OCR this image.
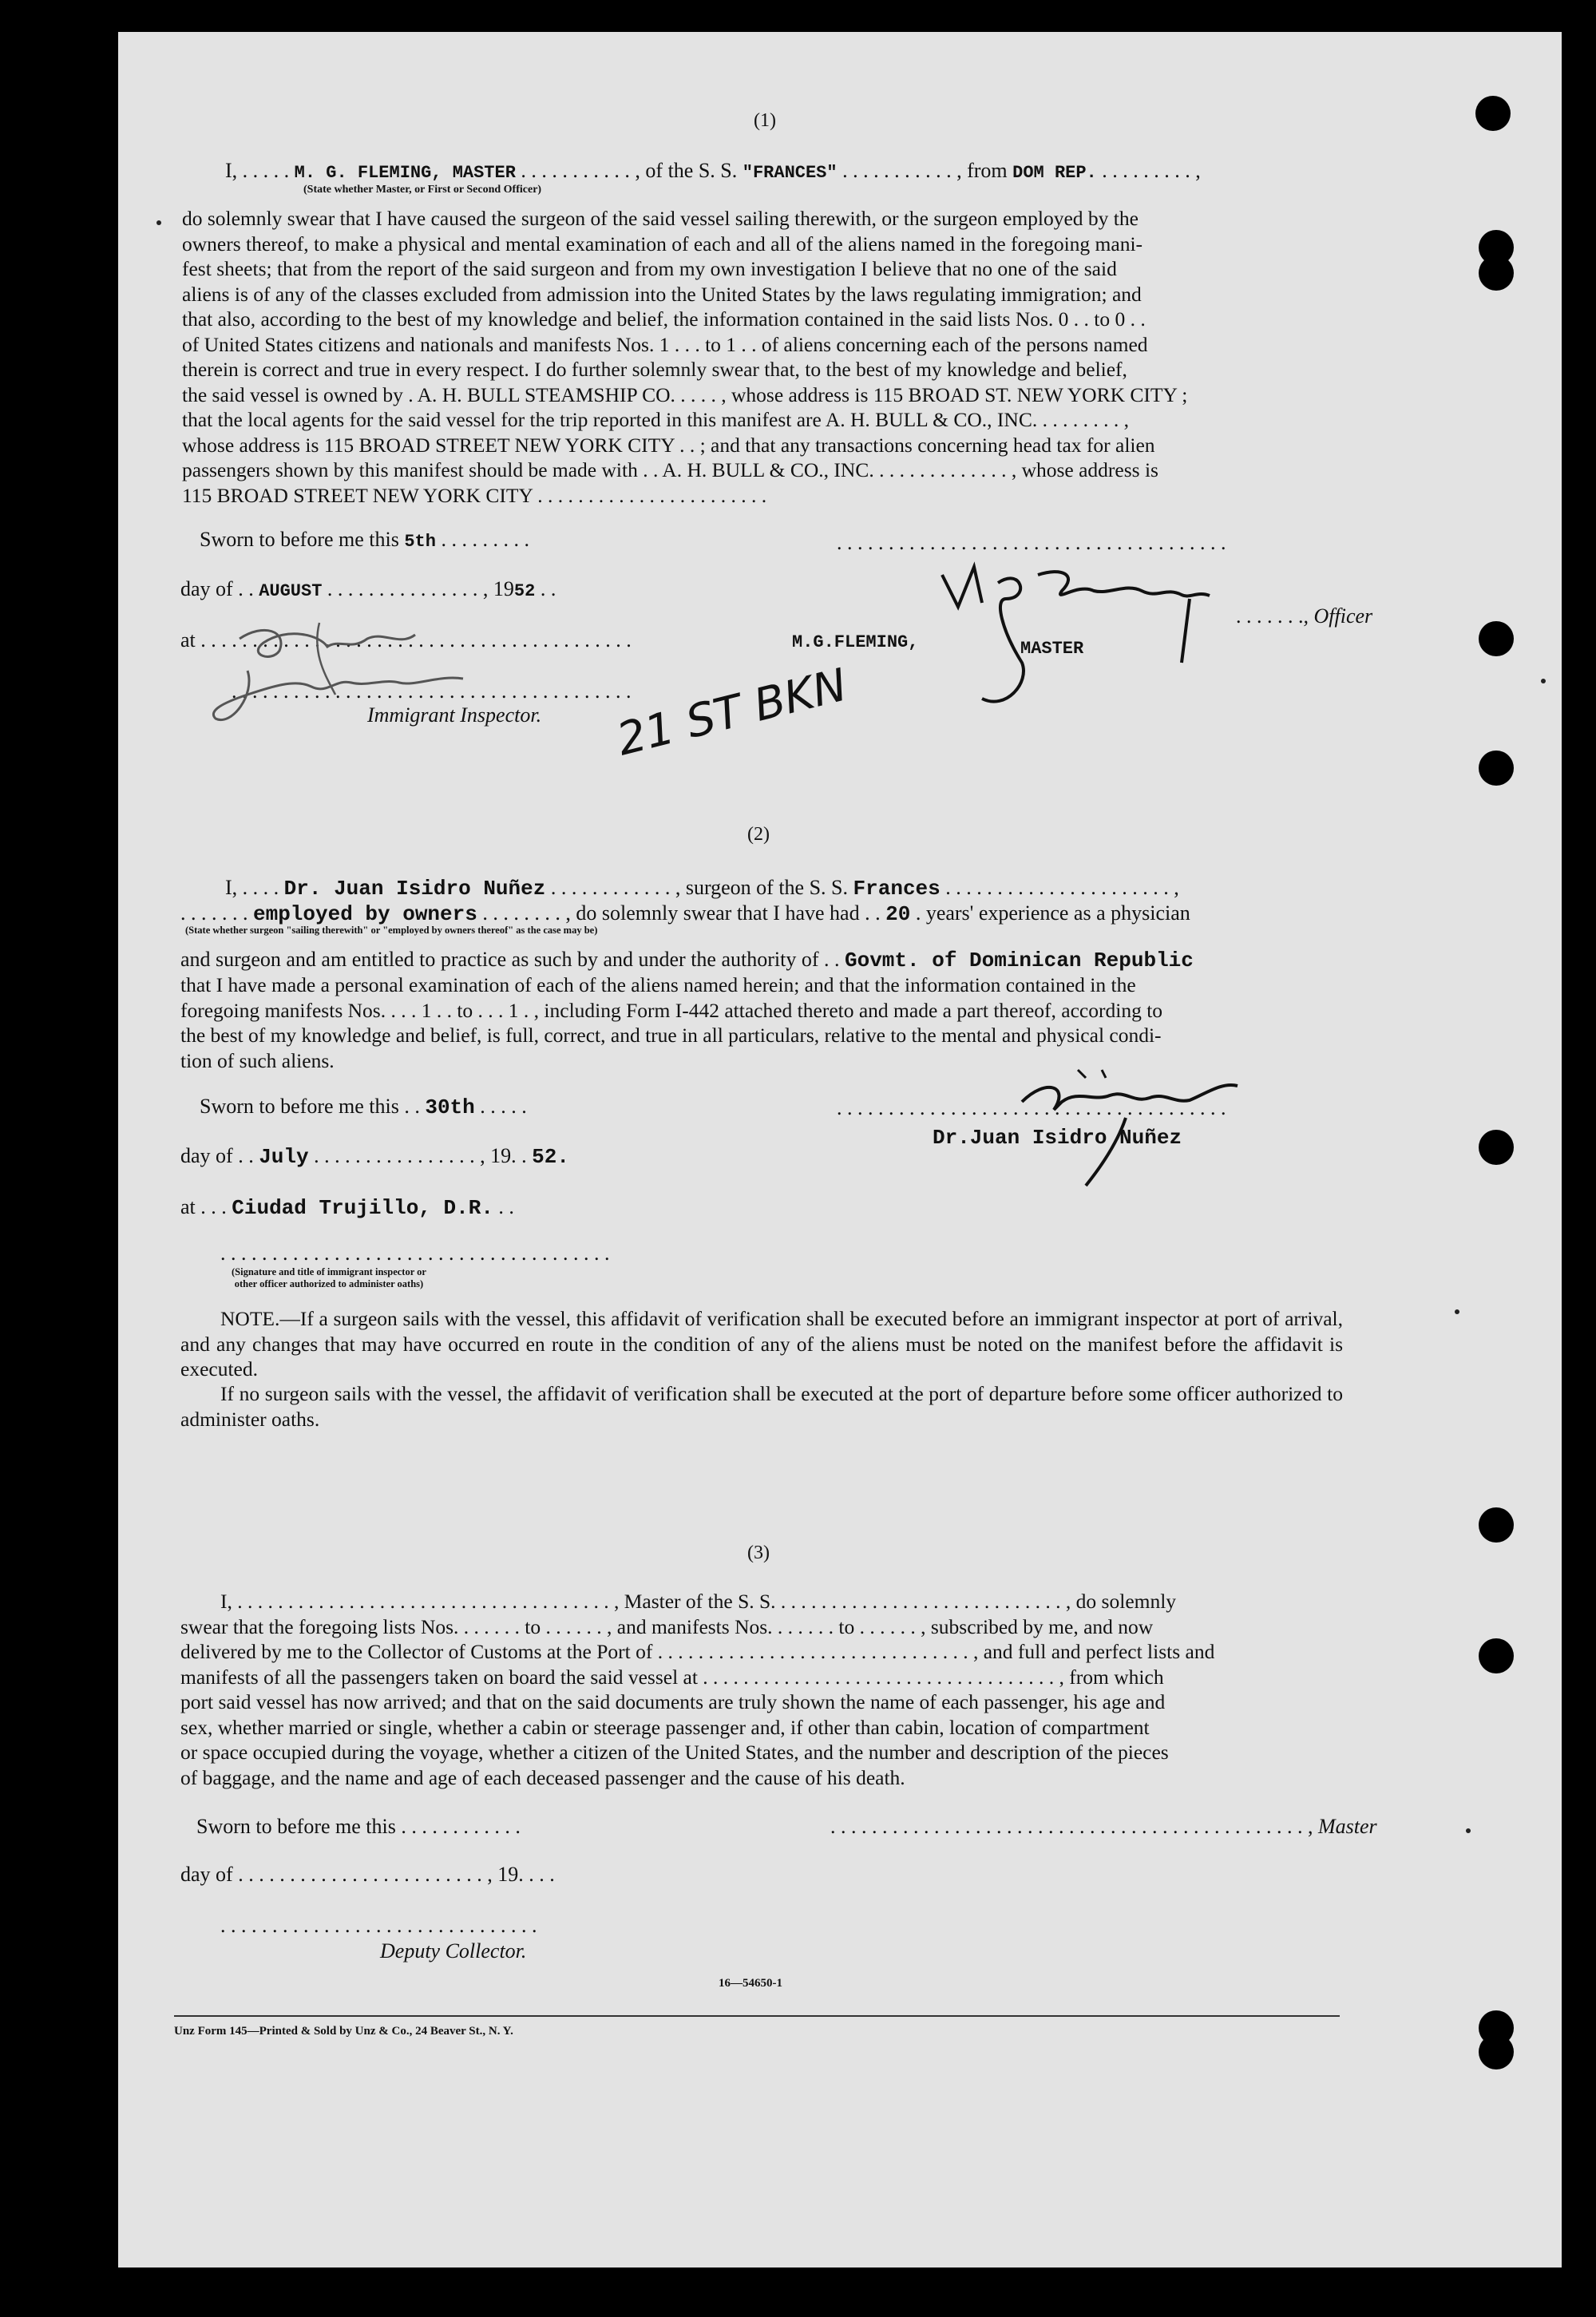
(1)
I, . . . . . M. G. FLEMING, MASTER . . . . . . . . . . . , of the S. S. "FRANCES" . . . . . . . . . . . , from DOM REP. . . . . . . . . . ,
(State whether Master, or First or Second Officer)
do solemnly swear that I have caused the surgeon of the said vessel sailing therewith, or the surgeon employed by the
owners thereof, to make a physical and mental examination of each and all of the aliens named in the foregoing mani-
fest sheets; that from the report of the said surgeon and from my own investigation I believe that no one of the said
aliens is of any of the classes excluded from admission into the United States by the laws regulating immigration; and
that also, according to the best of my knowledge and belief, the information contained in the said lists Nos. 0 . . to 0 . .
of United States citizens and nationals and manifests Nos. 1 . . . to 1 . . of aliens concerning each of the persons named
therein is correct and true in every respect. I do further solemnly swear that, to the best of my knowledge and belief,
the said vessel is owned by . A. H. BULL STEAMSHIP CO. . . . . , whose address is 115 BROAD ST. NEW YORK CITY ;
that the local agents for the said vessel for the trip reported in this manifest are A. H. BULL & CO., INC. . . . . . . . . ,
whose address is 115 BROAD STREET NEW YORK CITY . . ; and that any transactions concerning head tax for alien
passengers shown by this manifest should be made with . . A. H. BULL & CO., INC. . . . . . . . . . . . . . , whose address is
115 BROAD STREET NEW YORK CITY . . . . . . . . . . . . . . . . . . . . . . .
Sworn to before me this 5th . . . . . . . . .	. . . . . . . . . . . . . . . . . . . . . . . . . . . . . . . . . . . . . .
day of . . AUGUST . . . . . . . . . . . . . . . , 1952 . .
. . . . . . ., Officer
at . . . . . . . . . . . . . . . . . . . . . . . . . . . . . . . . . . . . . . . . . .	M.G.FLEMING,	MASTER
. . . . . . . . . . . . . . . . . . . . . . . . . . . . . . . . . . . . . . .
Immigrant Inspector. 21 ST BKN
(2)
I, . . . . Dr. Juan Isidro Nuñez . . . . . . . . . . . . , surgeon of the S. S. Frances . . . . . . . . . . . . . . . . . . . . . . ,
. . . . . . . employed by owners . . . . . . . . , do solemnly swear that I have had . . 20 . years' experience as a physician
(State whether surgeon "sailing therewith" or "employed by owners thereof" as the case may be)
and surgeon and am entitled to practice as such by and under the authority of . . Govmt. of Dominican Republic
that I have made a personal examination of each of the aliens named herein; and that the information contained in the
foregoing manifests Nos. . . . 1 . . to . . . 1 . , including Form I-442 attached thereto and made a part thereof, according to
the best of my knowledge and belief, is full, correct, and true in all particulars, relative to the mental and physical condi-
tion of such aliens.
Sworn to before me this . . 30th . . . . .	. . . . . . . . . . . . . . . . . . . . . . . . . . . . . . . . . . . . . .
Dr.Juan Isidro Nuñez
day of . . July . . . . . . . . . . . . . . . . , 19. . 52.
at . . . Ciudad Trujillo, D.R. . .
. . . . . . . . . . . . . . . . . . . . . . . . . . . . . . . . . . . . . .
(Signature and title of immigrant inspector or
other officer authorized to administer oaths)
NOTE.—If a surgeon sails with the vessel, this affidavit of verification shall be executed before an immigrant inspector at port of arrival, and any changes that may have occurred en route in the condition of any of the aliens must be noted on the manifest before the affidavit is executed.
If no surgeon sails with the vessel, the affidavit of verification shall be executed at the port of departure before some officer authorized to administer oaths.
(3)
I, . . . . . . . . . . . . . . . . . . . . . . . . . . . . . . . . . . . . . , Master of the S. S. . . . . . . . . . . . . . . . . . . . . . . . . . . . . , do solemnly
swear that the foregoing lists Nos. . . . . . . to . . . . . . , and manifests Nos. . . . . . . to . . . . . . , subscribed by me, and now
delivered by me to the Collector of Customs at the Port of . . . . . . . . . . . . . . . . . . . . . . . . . . . . . . . , and full and perfect lists and
manifests of all the passengers taken on board the said vessel at . . . . . . . . . . . . . . . . . . . . . . . . . . . . . . . . . . . , from which
port said vessel has now arrived; and that on the said documents are truly shown the name of each passenger, his age and
sex, whether married or single, whether a cabin or steerage passenger and, if other than cabin, location of compartment
or space occupied during the voyage, whether a citizen of the United States, and the number and description of the pieces
of baggage, and the name and age of each deceased passenger and the cause of his death.
Sworn to before me this . . . . . . . . . . . .	. . . . . . . . . . . . . . . . . . . . . . . . . . . . . . . . . . . . . . . . . . . . . . , Master
day of . . . . . . . . . . . . . . . . . . . . . . . . , 19. . . .
. . . . . . . . . . . . . . . . . . . . . . . . . . . . . . .
Deputy Collector.
16—54650-1
Unz Form 145—Printed & Sold by Unz & Co., 24 Beaver St., N. Y.
